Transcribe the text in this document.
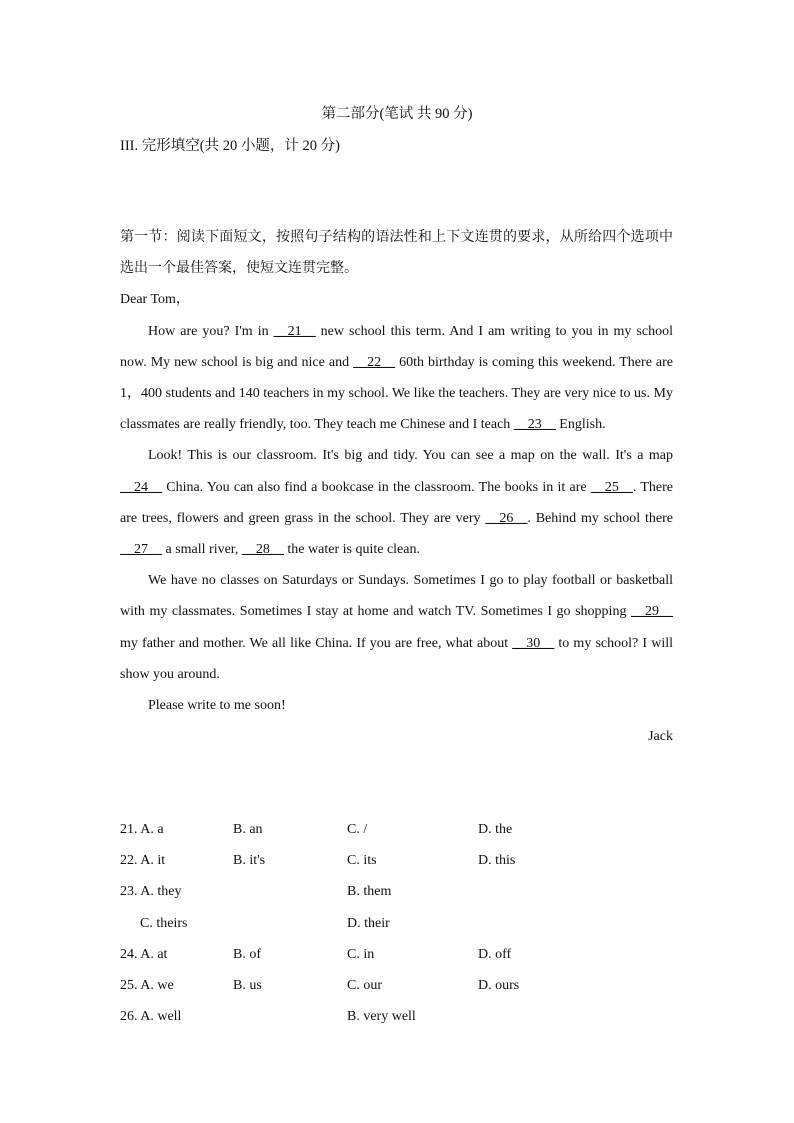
第二部分(笔试 共 90 分)
III. 完形填空(共 20 小题，计 20 分)

第一节：阅读下面短文，按照句子结构的语法性和上下文连贯的要求，从所给四个选项中选出一个最佳答案，使短文连贯完整。

Dear Tom，

How are you? I'm in __21__ new school this term. And I am writing to you in my school now. My new school is big and nice and __22__ 60th birthday is coming this weekend. There are 1，400 students and 140 teachers in my school. We like the teachers. They are very nice to us. My classmates are really friendly, too. They teach me Chinese and I teach __23__ English.

Look! This is our classroom. It's big and tidy. You can see a map on the wall. It's a map __24__ China. You can also find a bookcase in the classroom. The books in it are __25__. There are trees, flowers and green grass in the school. They are very __26__. Behind my school there __27__ a small river, __28__ the water is quite clean.

We have no classes on Saturdays or Sundays. Sometimes I go to play football or basketball with my classmates. Sometimes I stay at home and watch TV. Sometimes I go shopping __29__ my father and mother. We all like China. If you are free, what about __30__ to my school? I will show you around.

Please write to me soon!

Jack

21. A. a	B. an	C. /	D. the
22. A. it	B. it's	C. its	D. this
23. A. they	B. them
C. theirs	D. their
24. A. at	B. of	C. in	D. off
25. A. we	B. us	C. our	D. ours
26. A. well	B. very well
